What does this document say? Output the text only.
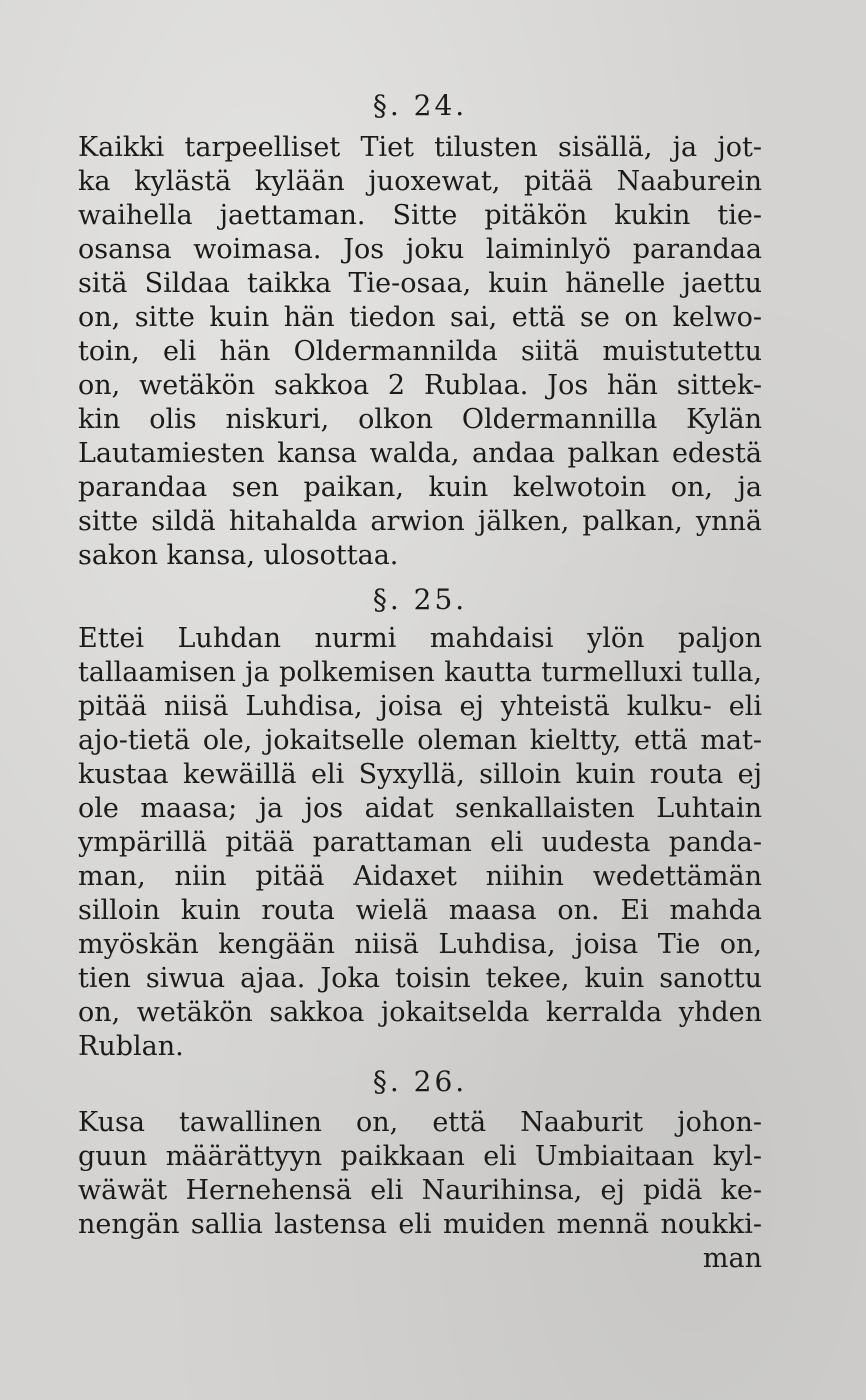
§. 24.
Kaikki tarpeelliset Tiet tilusten sisällä, ja jot-
ka kylästä kylään juoxewat, pitää Naaburein
waihella jaettaman. Sitte pitäkön kukin tie-
osansa woimasa. Jos joku laiminlyö parandaa
sitä Sildaa taikka Tie-osaa, kuin hänelle jaettu
on, sitte kuin hän tiedon sai, että se on kelwo-
toin, eli hän Oldermannilda siitä muistutettu
on, wetäkön sakkoa 2 Rublaa. Jos hän sittek-
kin olis niskuri, olkon Oldermannilla Kylän
Lautamiesten kansa walda, andaa palkan edestä
parandaa sen paikan, kuin kelwotoin on, ja
sitte sildä hitahalda arwion jälken, palkan, ynnä
sakon kansa, ulosottaa.
§. 25.
Ettei Luhdan nurmi mahdaisi ylön paljon
tallaamisen ja polkemisen kautta turmelluxi tulla,
pitää niisä Luhdisa, joisa ej yhteistä kulku- eli
ajo-tietä ole, jokaitselle oleman kieltty, että mat-
kustaa kewäillä eli Syxyllä, silloin kuin routa ej
ole maasa; ja jos aidat senkallaisten Luhtain
ympärillä pitää parattaman eli uudesta panda-
man, niin pitää Aidaxet niihin wedettämän
silloin kuin routa wielä maasa on. Ei mahda
myöskän kengään niisä Luhdisa, joisa Tie on,
tien siwua ajaa. Joka toisin tekee, kuin sanottu
on, wetäkön sakkoa jokaitselda kerralda yhden
Rublan.
§. 26.
Kusa tawallinen on, että Naaburit johon-
guun määrättyyn paikkaan eli Umbiaitaan kyl-
wäwät Hernehensä eli Naurihinsa, ej pidä ke-
nengän sallia lastensa eli muiden mennä noukki-
man
